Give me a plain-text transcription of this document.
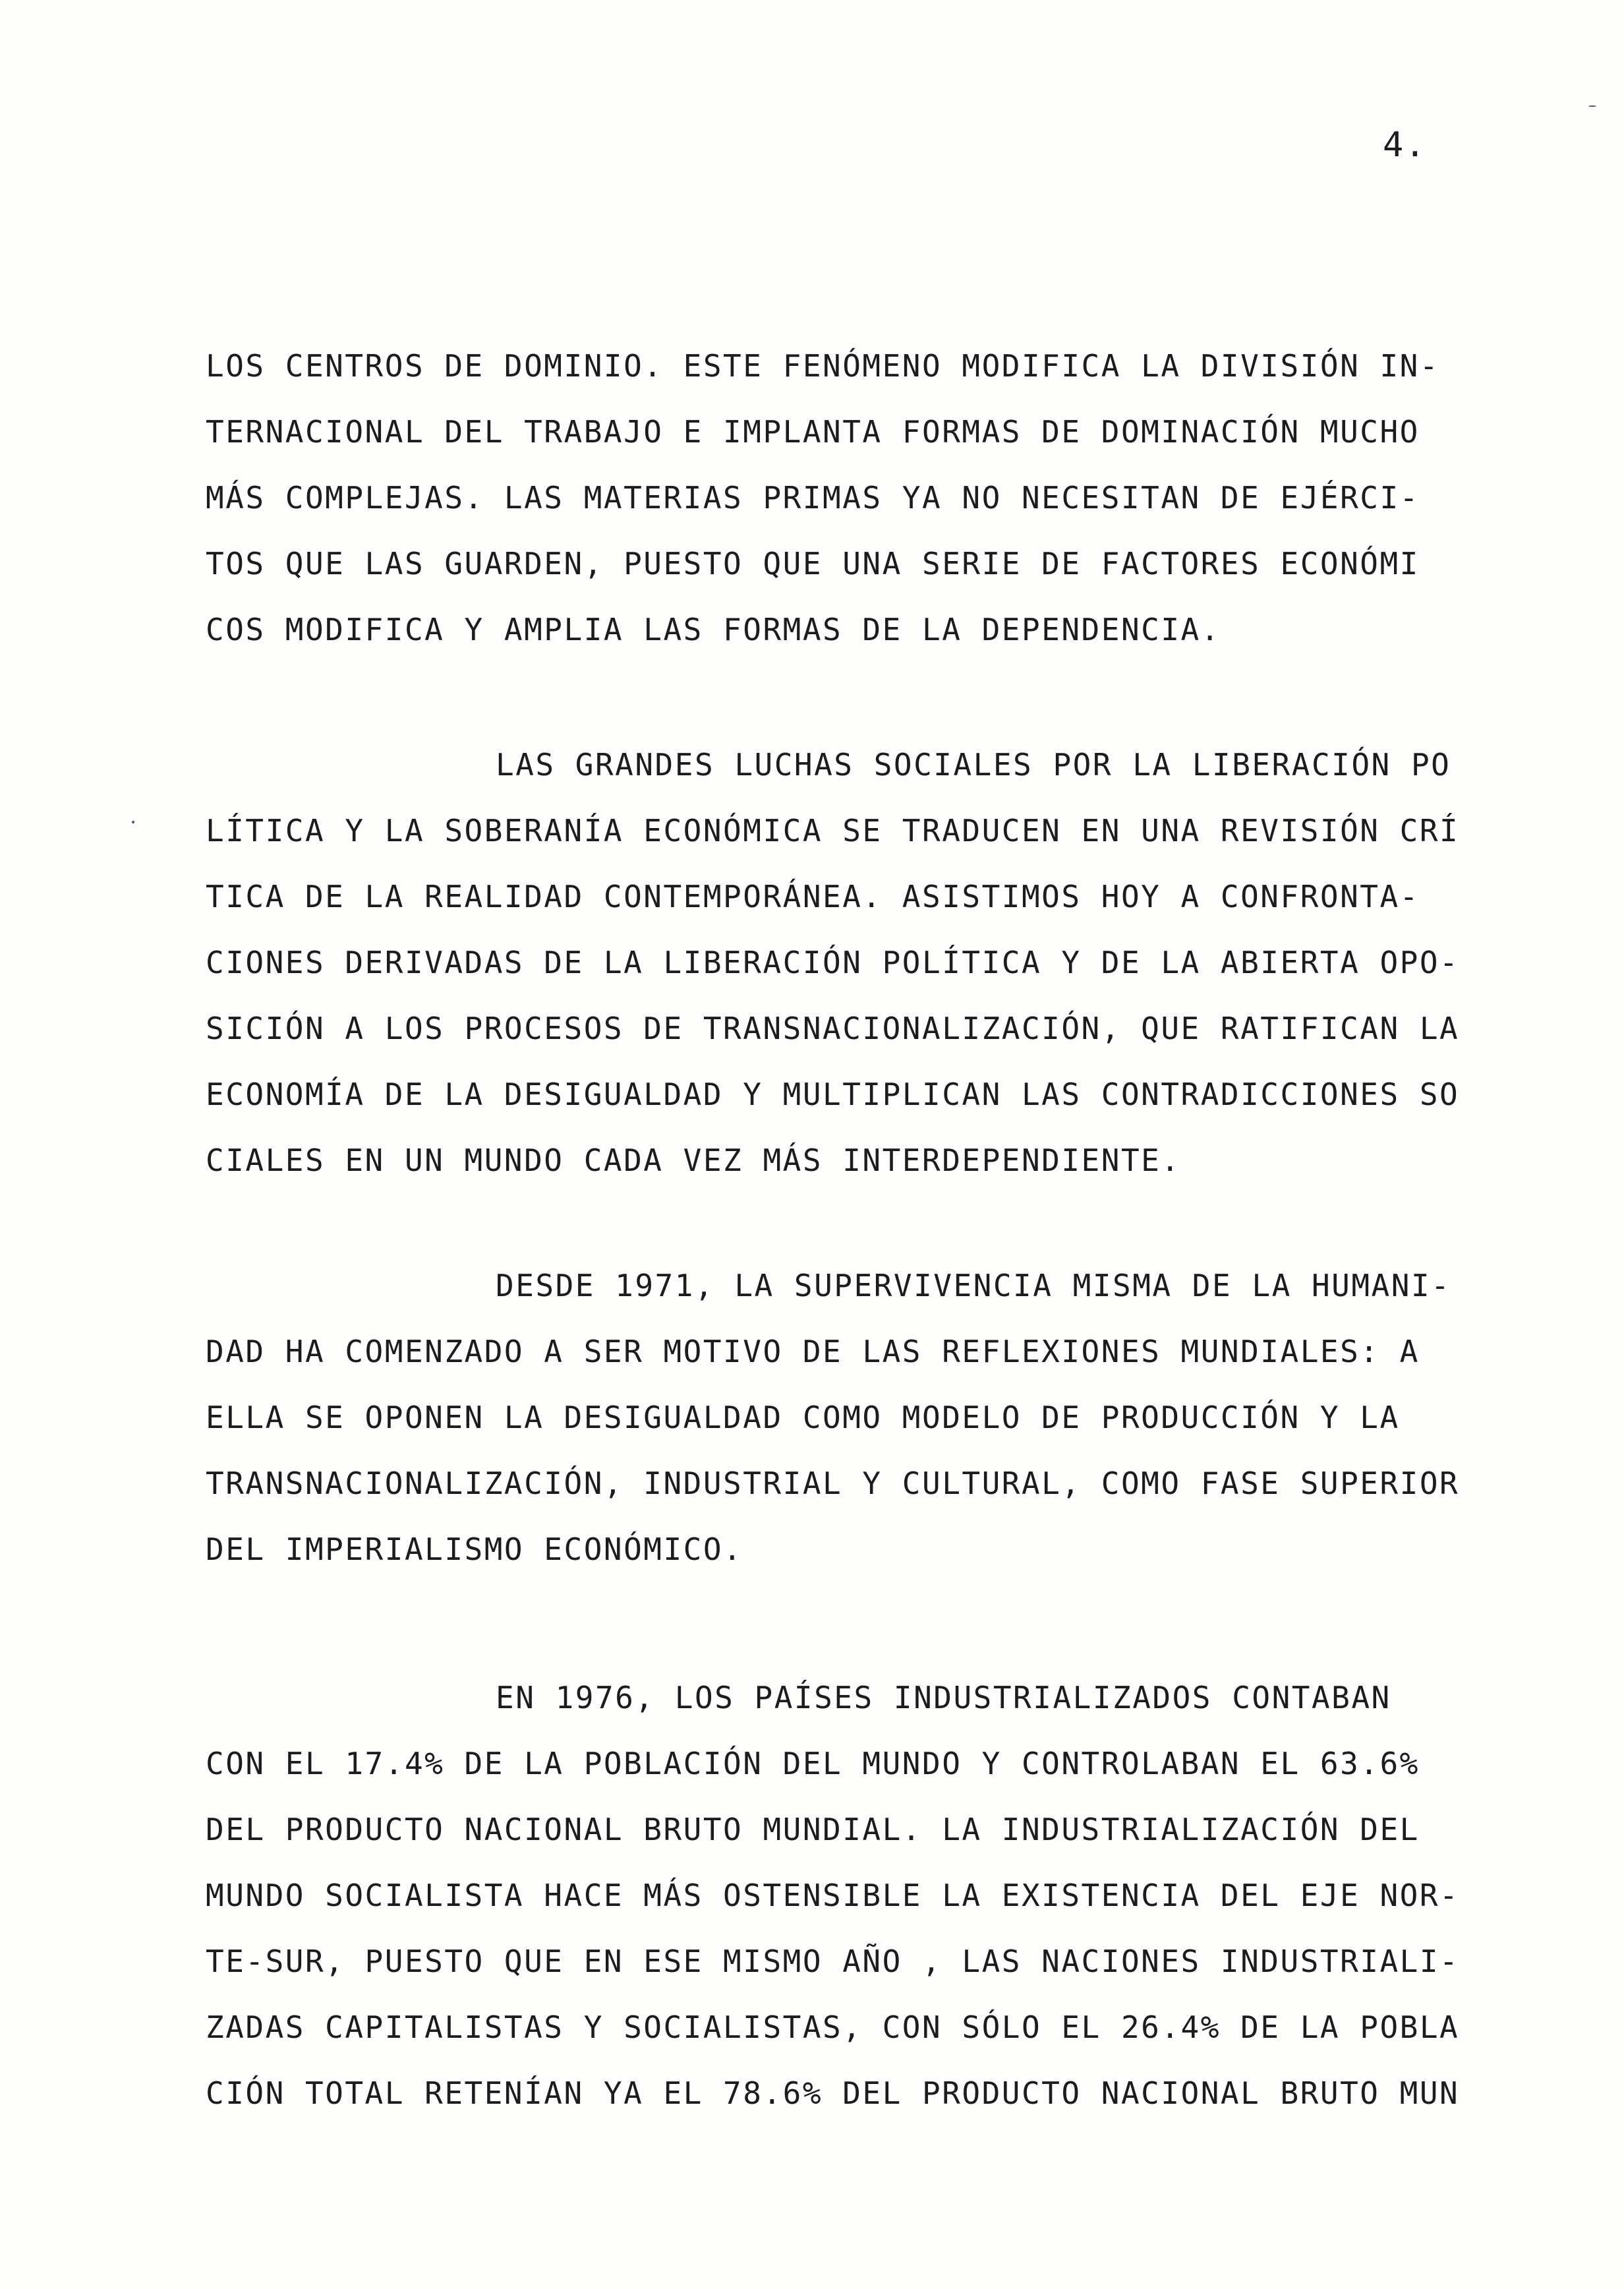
4.
LOS CENTROS DE DOMINIO. ESTE FENÓMENO MODIFICA LA DIVISIÓN IN-
TERNACIONAL DEL TRABAJO E IMPLANTA FORMAS DE DOMINACIÓN MUCHO
MÁS COMPLEJAS. LAS MATERIAS PRIMAS YA NO NECESITAN DE EJÉRCI-
TOS QUE LAS GUARDEN, PUESTO QUE UNA SERIE DE FACTORES ECONÓMI
COS MODIFICA Y AMPLIA LAS FORMAS DE LA DEPENDENCIA.
LAS GRANDES LUCHAS SOCIALES POR LA LIBERACIÓN PO
LÍTICA Y LA SOBERANÍA ECONÓMICA SE TRADUCEN EN UNA REVISIÓN CRÍ
TICA DE LA REALIDAD CONTEMPORÁNEA. ASISTIMOS HOY A CONFRONTA-
CIONES DERIVADAS DE LA LIBERACIÓN POLÍTICA Y DE LA ABIERTA OPO-
SICIÓN A LOS PROCESOS DE TRANSNACIONALIZACIÓN, QUE RATIFICAN LA
ECONOMÍA DE LA DESIGUALDAD Y MULTIPLICAN LAS CONTRADICCIONES SO
CIALES EN UN MUNDO CADA VEZ MÁS INTERDEPENDIENTE.
DESDE 1971, LA SUPERVIVENCIA MISMA DE LA HUMANI-
DAD HA COMENZADO A SER MOTIVO DE LAS REFLEXIONES MUNDIALES: A
ELLA SE OPONEN LA DESIGUALDAD COMO MODELO DE PRODUCCIÓN Y LA
TRANSNACIONALIZACIÓN, INDUSTRIAL Y CULTURAL, COMO FASE SUPERIOR
DEL IMPERIALISMO ECONÓMICO.
EN 1976, LOS PAÍSES INDUSTRIALIZADOS CONTABAN
CON EL 17.4% DE LA POBLACIÓN DEL MUNDO Y CONTROLABAN EL 63.6%
DEL PRODUCTO NACIONAL BRUTO MUNDIAL. LA INDUSTRIALIZACIÓN DEL
MUNDO SOCIALISTA HACE MÁS OSTENSIBLE LA EXISTENCIA DEL EJE NOR-
TE-SUR, PUESTO QUE EN ESE MISMO AÑO , LAS NACIONES INDUSTRIALI-
ZADAS CAPITALISTAS Y SOCIALISTAS, CON SÓLO EL 26.4% DE LA POBLA
CIÓN TOTAL RETENÍAN YA EL 78.6% DEL PRODUCTO NACIONAL BRUTO MUN
